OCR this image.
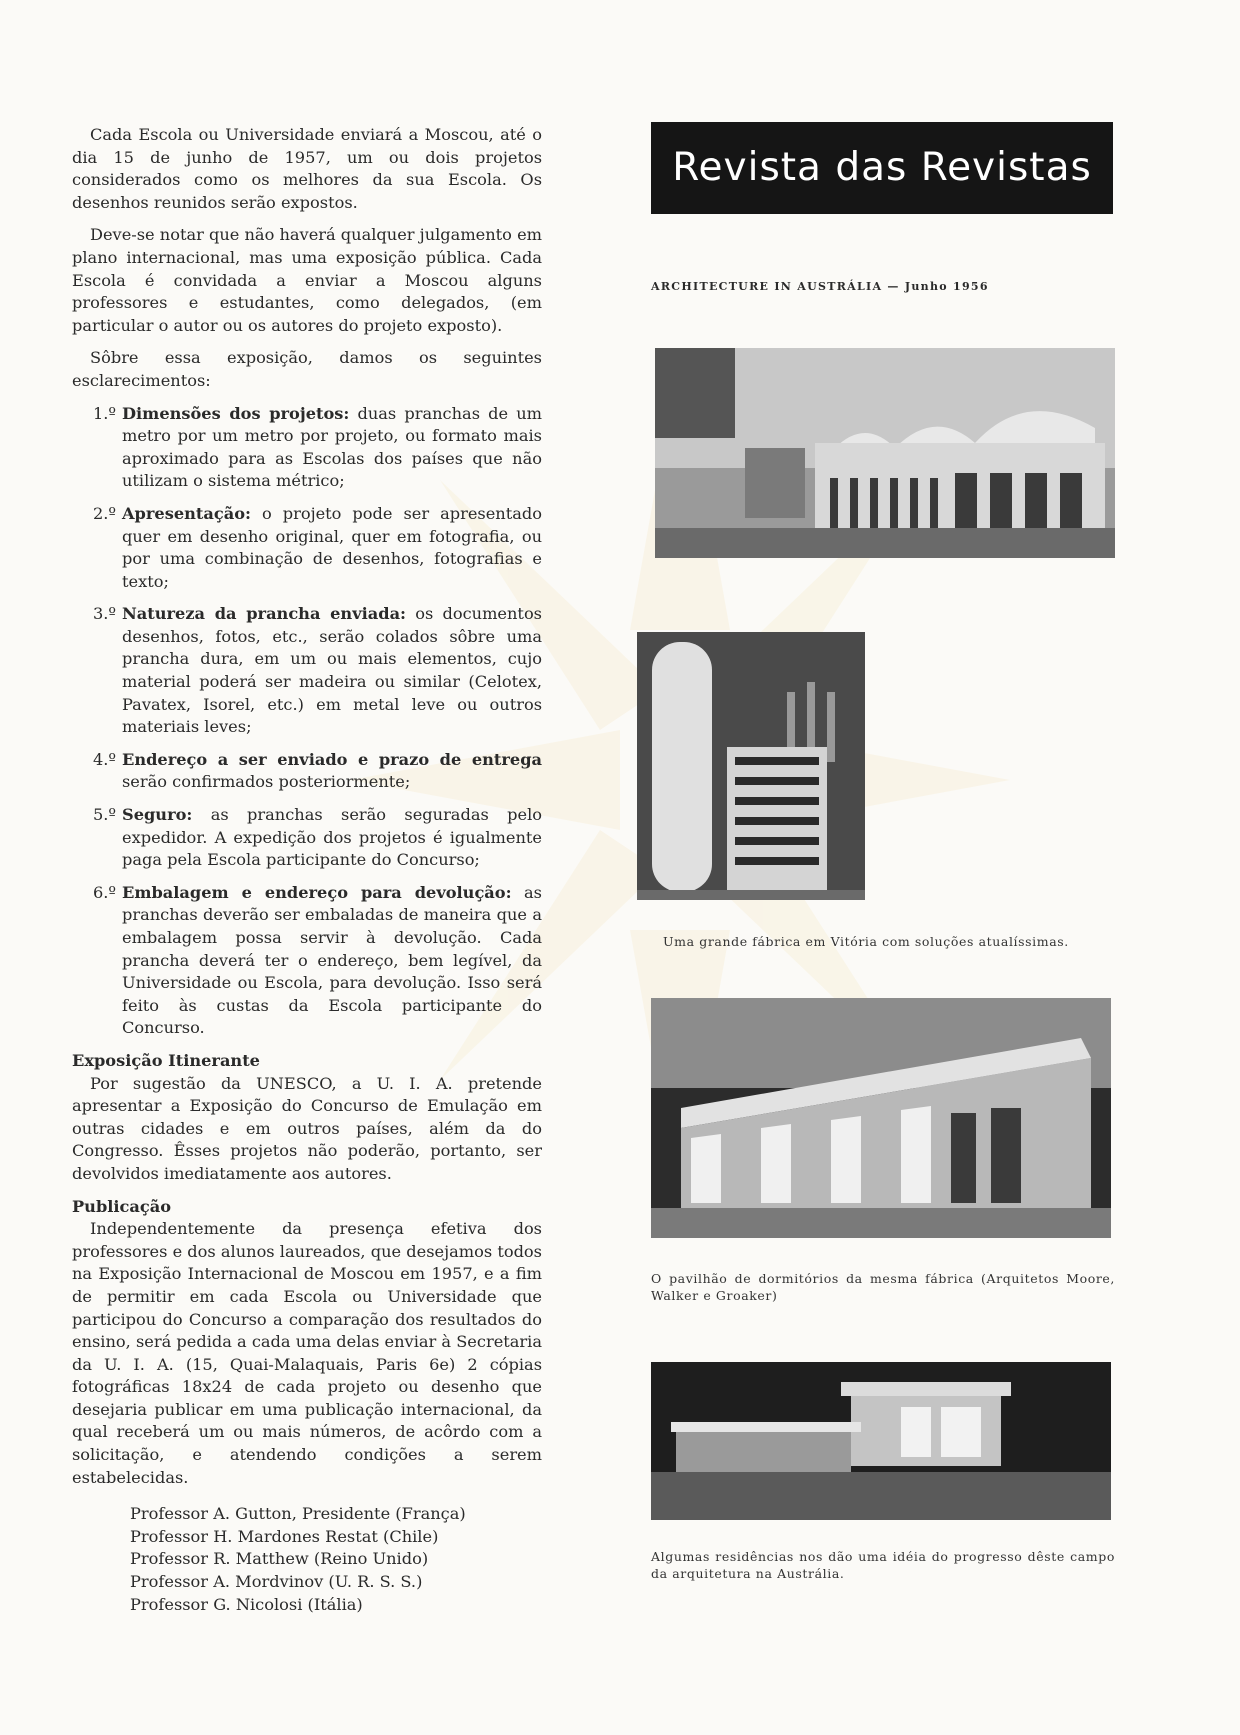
Cada Escola ou Universidade enviará a Moscou, até o dia 15 de junho de 1957, um ou dois projetos considerados como os melhores da sua Escola. Os desenhos reunidos serão expostos.

Deve-se notar que não haverá qualquer julgamento em plano internacional, mas uma exposição pública. Cada Escola é convidada a enviar a Moscou alguns professores e estudantes, como delegados, (em particular o autor ou os autores do projeto exposto).

Sôbre essa exposição, damos os seguintes esclarecimentos:

1.º Dimensões dos projetos: duas pranchas de um metro por um metro por projeto, ou formato mais aproximado para as Escolas dos países que não utilizam o sistema métrico;
2.º Apresentação: o projeto pode ser apresentado quer em desenho original, quer em fotografia, ou por uma combinação de desenhos, fotografias e texto;
3.º Natureza da prancha enviada: os documentos desenhos, fotos, etc., serão colados sôbre uma prancha dura, em um ou mais elementos, cujo material poderá ser madeira ou similar (Celotex, Pavatex, Isorel, etc.) em metal leve ou outros materiais leves;
4.º Endereço a ser enviado e prazo de entrega serão confirmados posteriormente;
5.º Seguro: as pranchas serão seguradas pelo expedidor. A expedição dos projetos é igualmente paga pela Escola participante do Concurso;
6.º Embalagem e endereço para devolução: as pranchas deverão ser embaladas de maneira que a embalagem possa servir à devolução. Cada prancha deverá ter o endereço, bem legível, da Universidade ou Escola, para devolução. Isso será feito às custas da Escola participante do Concurso.
Exposição Itinerante

Por sugestão da UNESCO, a U. I. A. pretende apresentar a Exposição do Concurso de Emulação em outras cidades e em outros países, além da do Congresso. Êsses projetos não poderão, portanto, ser devolvidos imediatamente aos autores.

Publicação

Independentemente da presença efetiva dos professores e dos alunos laureados, que desejamos todos na Exposição Internacional de Moscou em 1957, e a fim de permitir em cada Escola ou Universidade que participou do Concurso a comparação dos resultados do ensino, será pedida a cada uma delas enviar à Secretaria da U. I. A. (15, Quai-Malaquais, Paris 6e) 2 cópias fotográficas 18x24 de cada projeto ou desenho que desejaria publicar em uma publicação internacional, da qual receberá um ou mais números, de acôrdo com a solicitação, e atendendo condições a serem estabelecidas.

Professor A. Gutton, Presidente (França)
Professor H. Mardones Restat (Chile)
Professor R. Matthew (Reino Unido)
Professor A. Mordvinov (U. R. S. S.)
Professor G. Nicolosi (Itália)
Revista das Revistas
ARCHITECTURE IN AUSTRÁLIA — Junho 1956
Uma grande fábrica em Vitória com soluções atualíssimas.
O pavilhão de dormitórios da mesma fábrica (Arquitetos Moore, Walker e Groaker)
Algumas residências nos dão uma idéia do progresso dêste campo da arquitetura na Austrália.
